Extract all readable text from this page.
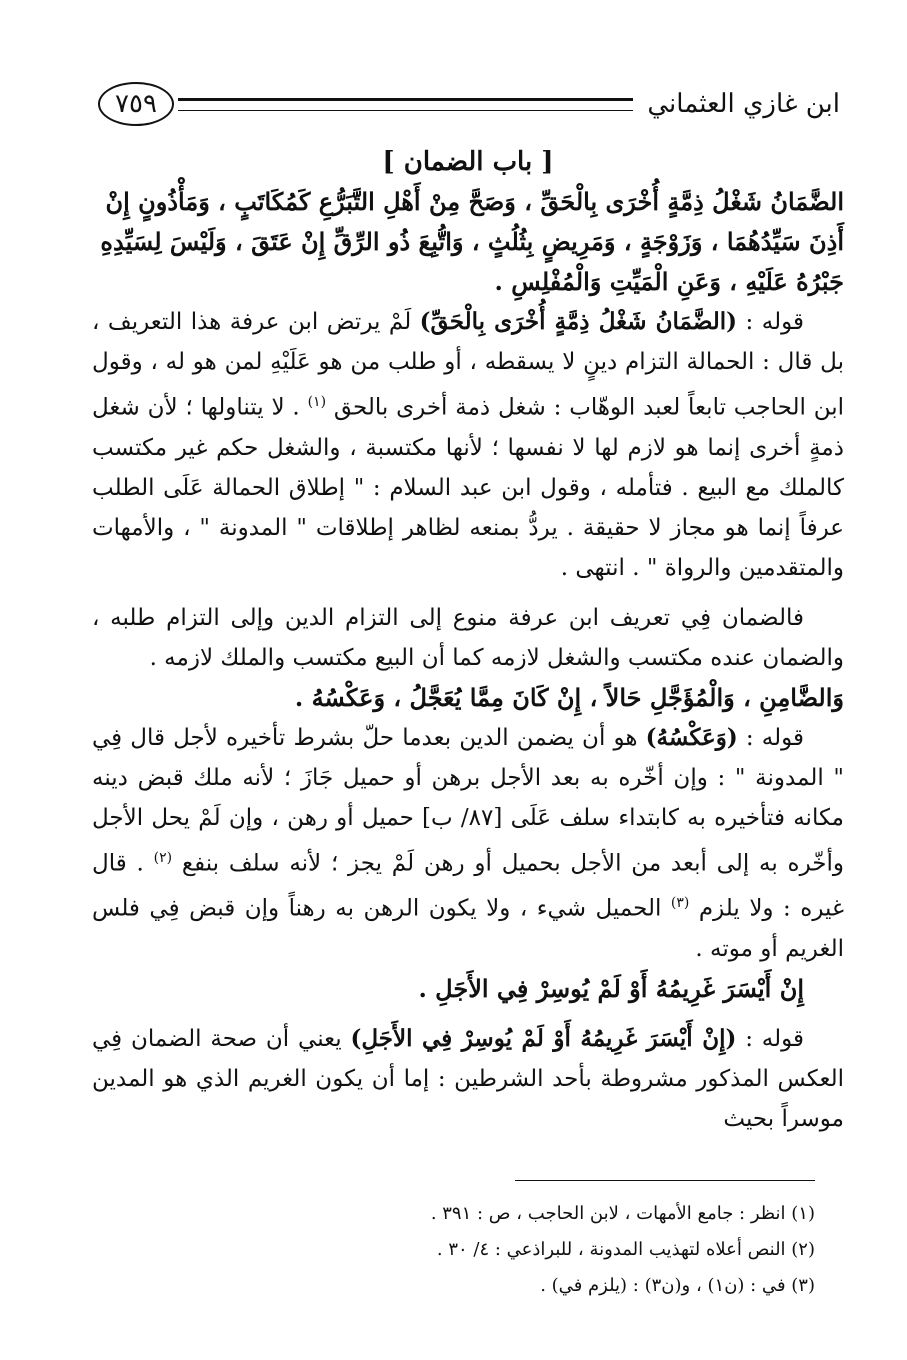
ابن غازي العثماني
٧٥٩
[ باب الضمان ]

الضَّمَانُ شَغْلُ ذِمَّةٍ أُخْرَى بِالْحَقِّ ، وَصَحَّ مِنْ أَهْلِ التَّبَرُّعِ كَمُكَاتَبٍ ، وَمَأْذُونٍ إِنْ أَذِنَ سَيِّدُهُمَا ، وَزَوْجَةٍ ، وَمَرِيضٍ بِثُلُثٍ ، وَاتُّبِعَ ذُو الرِّقِّ إِنْ عَتَقَ ، وَلَيْسَ لِسَيِّدِهِ جَبْرُهُ عَلَيْهِ ، وَعَنِ الْمَيِّتِ وَالْمُفْلِسِ .

قوله : (الضَّمَانُ شَغْلُ ذِمَّةٍ أُخْرَى بِالْحَقِّ) لَمْ يرتض ابن عرفة هذا التعريف ، بل قال : الحمالة التزام دينٍ لا يسقطه ، أو طلب من هو عَلَيْهِ لمن هو له ، وقول ابن الحاجب تابعاً لعبد الوهّاب : شغل ذمة أخرى بالحق $^{(١)}$ . لا يتناولها ؛ لأن شغل ذمةٍ أخرى إنما هو لازم لها لا نفسها ؛ لأنها مكتسبة ، والشغل حكم غير مكتسب كالملك مع البيع . فتأمله ، وقول ابن عبد السلام : " إطلاق الحمالة عَلَى الطلب عرفاً إنما هو مجاز لا حقيقة . يردُّ بمنعه لظاهر إطلاقات " المدونة " ، والأمهات والمتقدمين والرواة " . انتهى .

فالضمان فِي تعريف ابن عرفة منوع إلى التزام الدين وإلى التزام طلبه ، والضمان عنده مكتسب والشغل لازمه كما أن البيع مكتسب والملك لازمه .

وَالضَّامِنِ ، وَالْمُؤَجَّلِ حَالاً ، إِنْ كَانَ مِمَّا يُعَجَّلُ ، وَعَكْسُهُ .

قوله : (وَعَكْسُهُ) هو أن يضمن الدين بعدما حلّ بشرط تأخيره لأجل قال فِي " المدونة " : وإن أخّره به بعد الأجل برهن أو حميل جَازَ ؛ لأنه ملك قبض دينه مكانه فتأخيره به كابتداء سلف عَلَى [٨٧/ ب] حميل أو رهن ، وإن لَمْ يحل الأجل وأخّره به إلى أبعد من الأجل بحميل أو رهن لَمْ يجز ؛ لأنه سلف بنفع $^{(٢)}$ . قال غيره : ولا يلزم $^{(٣)}$ الحميل شيء ، ولا يكون الرهن به رهناً وإن قبض فِي فلس الغريم أو موته .

إِنْ أَيْسَرَ غَرِيمُهُ أَوْ لَمْ يُوسِرْ فِي الأَجَلِ .

قوله : (إِنْ أَيْسَرَ غَرِيمُهُ أَوْ لَمْ يُوسِرْ فِي الأَجَلِ) يعني أن صحة الضمان فِي العكس المذكور مشروطة بأحد الشرطين : إما أن يكون الغريم الذي هو المدين موسراً بحيث

(١) انظر : جامع الأمهات ، لابن الحاجب ، ص : ٣٩١ .
(٢) النص أعلاه لتهذيب المدونة ، للبراذعي : ٤/ ٣٠ .
(٣) في : (ن١) ، و(ن٣) : (يلزم في) .
